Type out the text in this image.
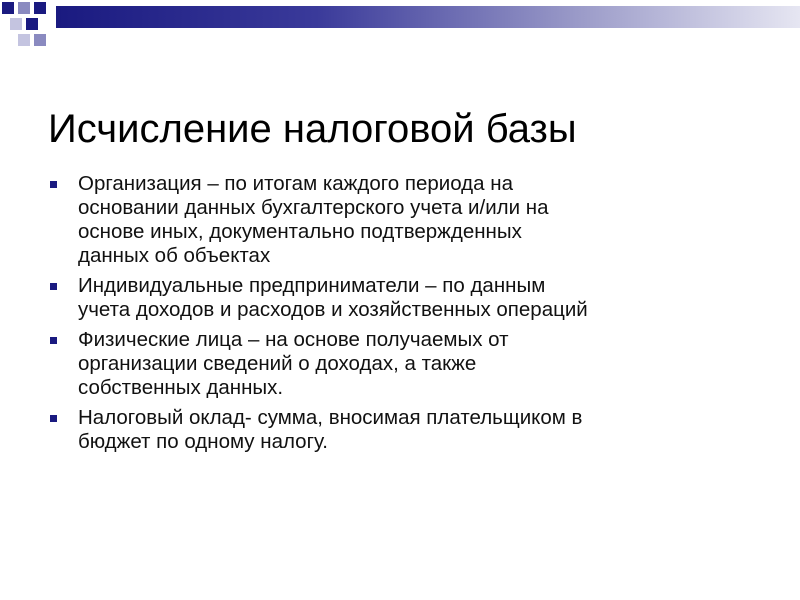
Исчисление налоговой базы
Организация – по итогам каждого периода на
основании данных бухгалтерского учета и/или на
основе иных, документально подтвержденных
данных об объектах
Индивидуальные предприниматели – по данным
учета доходов и расходов и хозяйственных операций
Физические лица – на основе получаемых от
организации сведений о доходах, а также
собственных данных.
Налоговый оклад- сумма, вносимая плательщиком в
бюджет по одному налогу.
